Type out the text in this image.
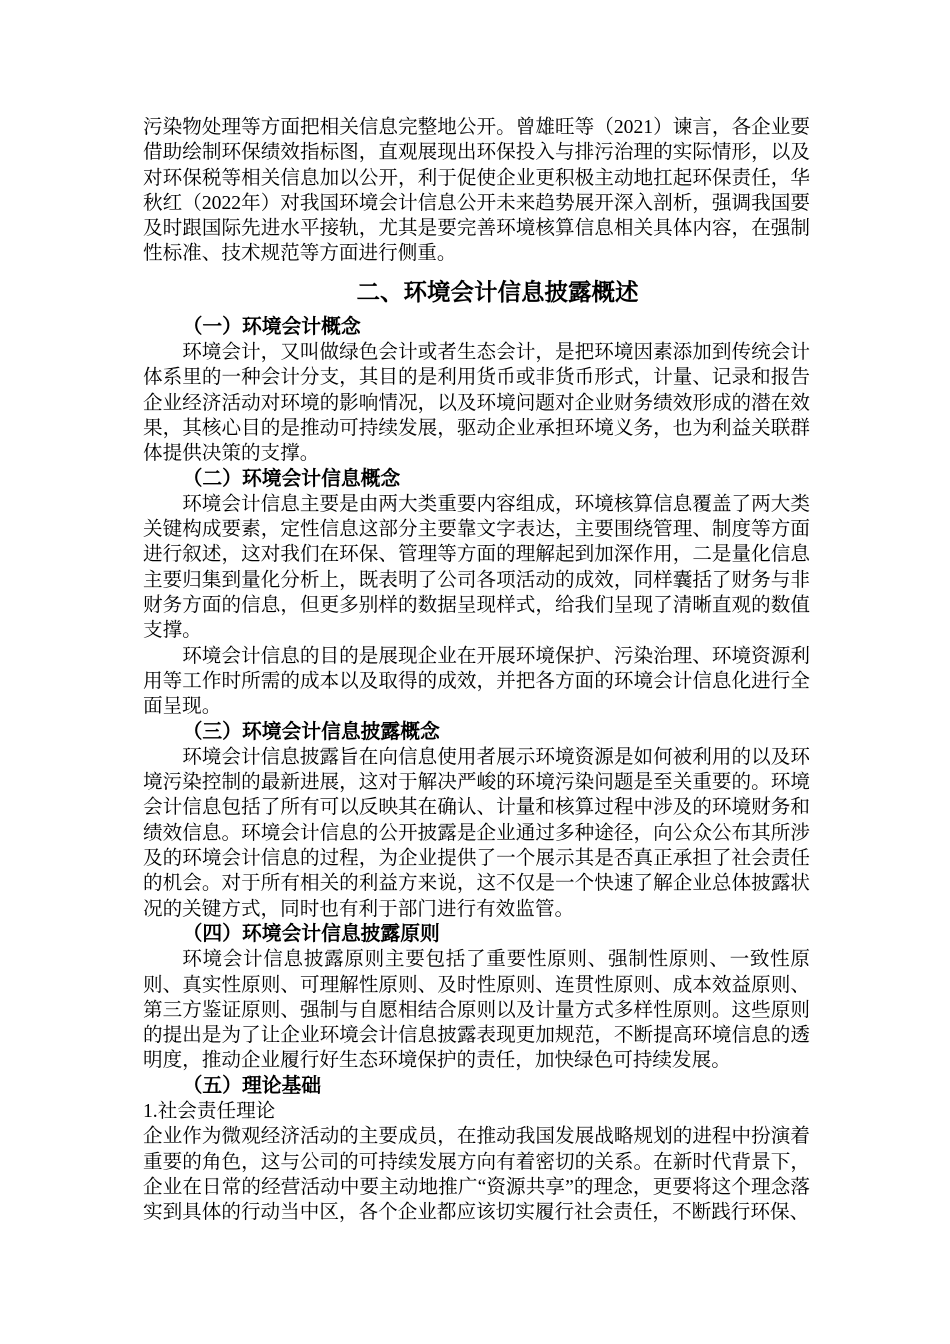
污染物处理等方面把相关信息完整地公开。曾雄旺等（2021）谏言，各企业要借助绘制环保绩效指标图，直观展现出环保投入与排污治理的实际情形，以及对环保税等相关信息加以公开，利于促使企业更积极主动地扛起环保责任，华秋红（2022年）对我国环境会计信息公开未来趋势展开深入剖析，强调我国要及时跟国际先进水平接轨，尤其是要完善环境核算信息相关具体内容，在强制性标准、技术规范等方面进行侧重。

二、环境会计信息披露概述
（一）环境会计概念

环境会计，又叫做绿色会计或者生态会计，是把环境因素添加到传统会计体系里的一种会计分支，其目的是利用货币或非货币形式，计量、记录和报告企业经济活动对环境的影响情况，以及环境问题对企业财务绩效形成的潜在效果，其核心目的是推动可持续发展，驱动企业承担环境义务，也为利益关联群体提供决策的支撑。

（二）环境会计信息概念

环境会计信息主要是由两大类重要内容组成，环境核算信息覆盖了两大类关键构成要素，定性信息这部分主要靠文字表达，主要围绕管理、制度等方面进行叙述，这对我们在环保、管理等方面的理解起到加深作用，二是量化信息主要归集到量化分析上，既表明了公司各项活动的成效，同样囊括了财务与非财务方面的信息，但更多别样的数据呈现样式，给我们呈现了清晰直观的数值支撑。

环境会计信息的目的是展现企业在开展环境保护、污染治理、环境资源利用等工作时所需的成本以及取得的成效，并把各方面的环境会计信息化进行全面呈现。

（三）环境会计信息披露概念

环境会计信息披露旨在向信息使用者展示环境资源是如何被利用的以及环境污染控制的最新进展，这对于解决严峻的环境污染问题是至关重要的。环境会计信息包括了所有可以反映其在确认、计量和核算过程中涉及的环境财务和绩效信息。环境会计信息的公开披露是企业通过多种途径，向公众公布其所涉及的环境会计信息的过程，为企业提供了一个展示其是否真正承担了社会责任的机会。对于所有相关的利益方来说，这不仅是一个快速了解企业总体披露状况的关键方式，同时也有利于部门进行有效监管。

（四）环境会计信息披露原则

环境会计信息披露原则主要包括了重要性原则、强制性原则、一致性原则、真实性原则、可理解性原则、及时性原则、连贯性原则、成本效益原则、第三方鉴证原则、强制与自愿相结合原则以及计量方式多样性原则。这些原则的提出是为了让企业环境会计信息披露表现更加规范，不断提高环境信息的透明度，推动企业履行好生态环境保护的责任，加快绿色可持续发展。

（五）理论基础

1.社会责任理论

企业作为微观经济活动的主要成员，在推动我国发展战略规划的进程中扮演着重要的角色，这与公司的可持续发展方向有着密切的关系。在新时代背景下，企业在日常的经营活动中要主动地推广“资源共享”的理念，更要将这个理念落实到具体的行动当中区，各个企业都应该切实履行社会责任，不断践行环保、
